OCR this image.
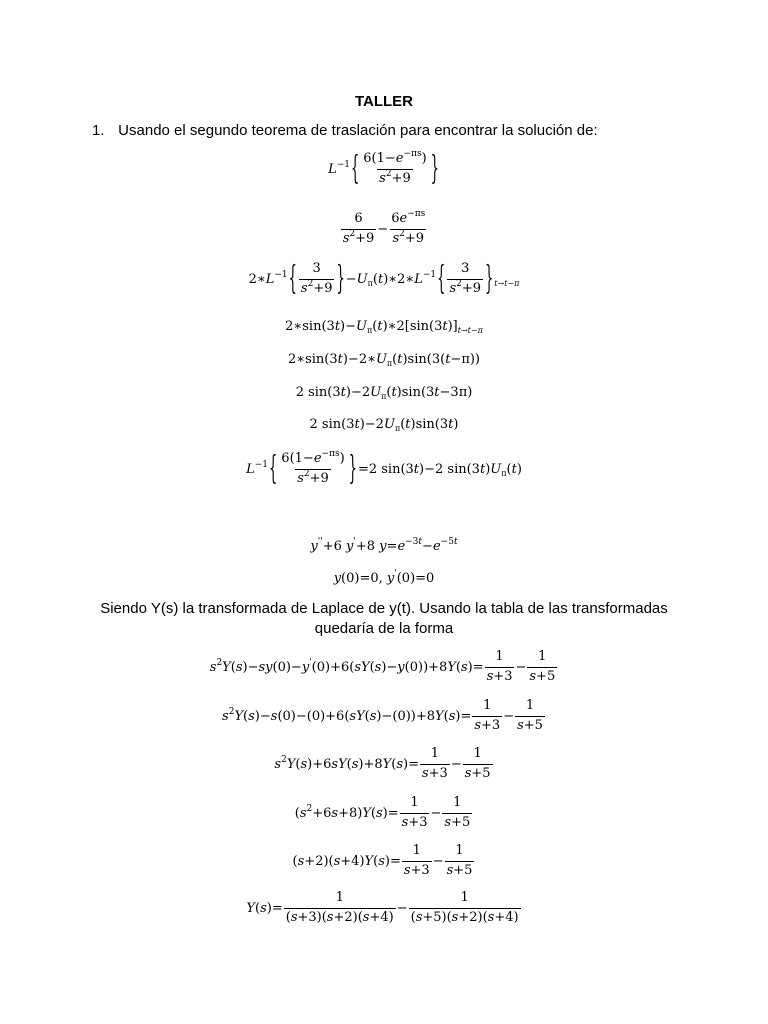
TALLER
1. Usando el segundo teorema de traslación para encontrar la solución de:
$L^{-1}\{ \frac{6(1-e^{-\pi s})}{s^2+9}$ }
$\frac{6}{s^2+9} - \frac{6e^{-\pi s}}{s^2+9}$
$2∗L^{-1}\{ \frac{3}{s^2+9}$ }$-U_\pi(t)∗2∗L^{-1}\{ \frac{3}{s^2+9} \}_{t\to t-\pi}$
$2∗\sin(3t)-U_\pi(t)∗2[\sin(3t)]_{t\to t-\pi}$
$2∗\sin(3t)-2∗U_\pi(t)\sin(3(t-\pi))$
2 $\sin(3t)-2U_\pi(t)\sin(3t-3\pi)$
2 $\sin(3t)-2U_\pi(t)\sin(3t)$
$L^{-1}\{ \frac{6(1-e^{-\pi s})}{s^2+9} \}=2$ sin(3t)−2 $\sin(3t)U_\pi(t)$
y''+6 y'+8 $y=e^{-3t}-e^{-5t}$
y(0)=0, y'(0)=0
Siendo Y(s) la transformada de Laplace de y(t). Usando la tabla de las transformadas quedaría de la forma
$s^2Y(s)-sy(0)-y'(0)+6(sY(s)-y(0))+8Y(s)= \frac{1}{s+3} - \frac{1}{s+5}$
$s^2Y(s)-s(0)-(0)+6(sY(s)-(0))+8Y(s)= \frac{1}{s+3} - \frac{1}{s+5}$
$s^2Y(s)+6sY(s)+8Y(s)= \frac{1}{s+3} - \frac{1}{s+5}$
$(s^2+6s+8)Y(s)= \frac{1}{s+3} - \frac{1}{s+5}$
$(s+2)(s+4)Y(s)= \frac{1}{s+3} - \frac{1}{s+5}$
$Y(s)= \frac{1}{(s+3)(s+2)(s+4)} - \frac{1}{(s+5)(s+2)(s+4)}$
